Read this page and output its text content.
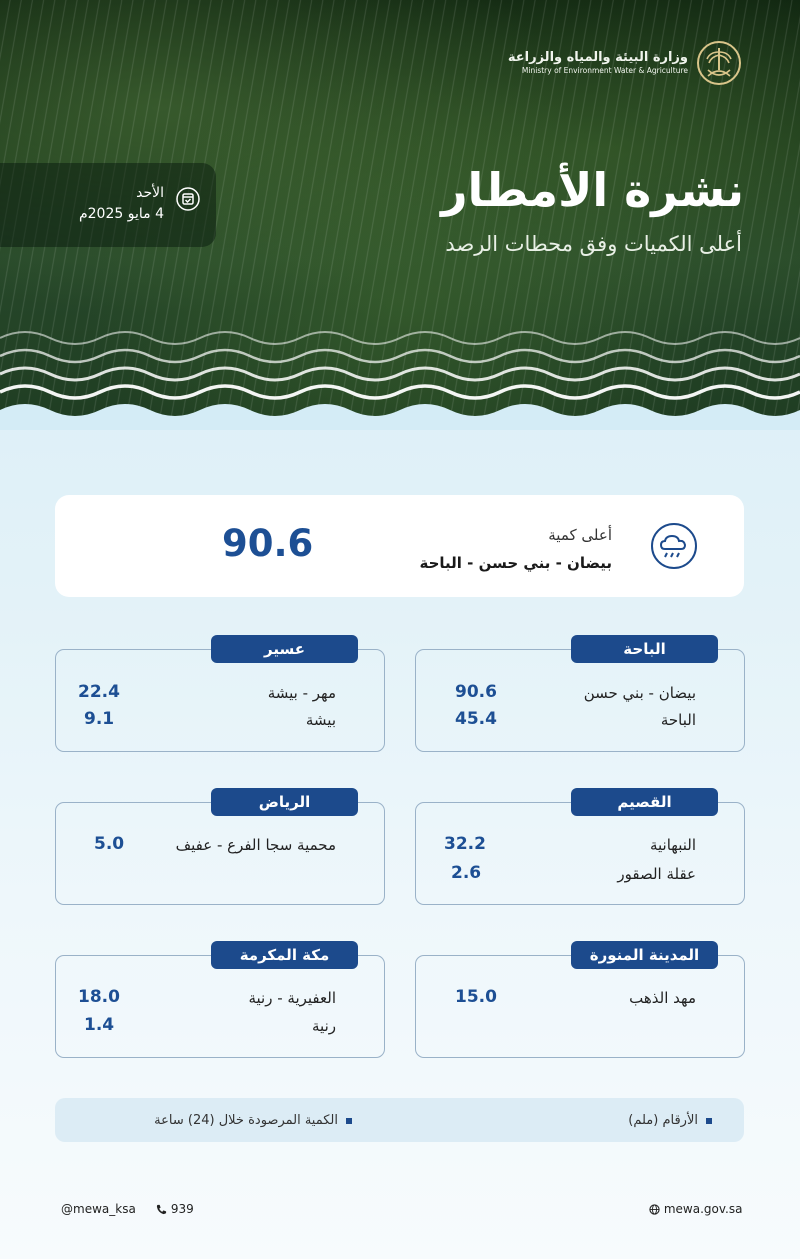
وزارة البيئة والمياه والزراعة
Ministry of Environment Water & Agriculture
نشرة الأمطار
أعلى الكميات وفق محطات الرصد
الأحد
4 مايو 2025م
90.6	أعلى كمية
بيضان - بني حسن - الباحة
الباحة
بيضان - بني حسن
90.6
الباحة
45.4
عسير
مهر - بيشة
22.4
بيشة
9.1
القصيم
النبهانية
32.2
عقلة الصقور
2.6
الرياض
محمية سجا الفرع - عفيف
5.0
المدينة المنورة
مهد الذهب
15.0
مكة المكرمة
العفيرية - رنية
18.0
رنية
1.4
الأرقام (ملم)
الكمية المرصودة خلال (24) ساعة
mewa.gov.sa
939
@mewa_ksa
